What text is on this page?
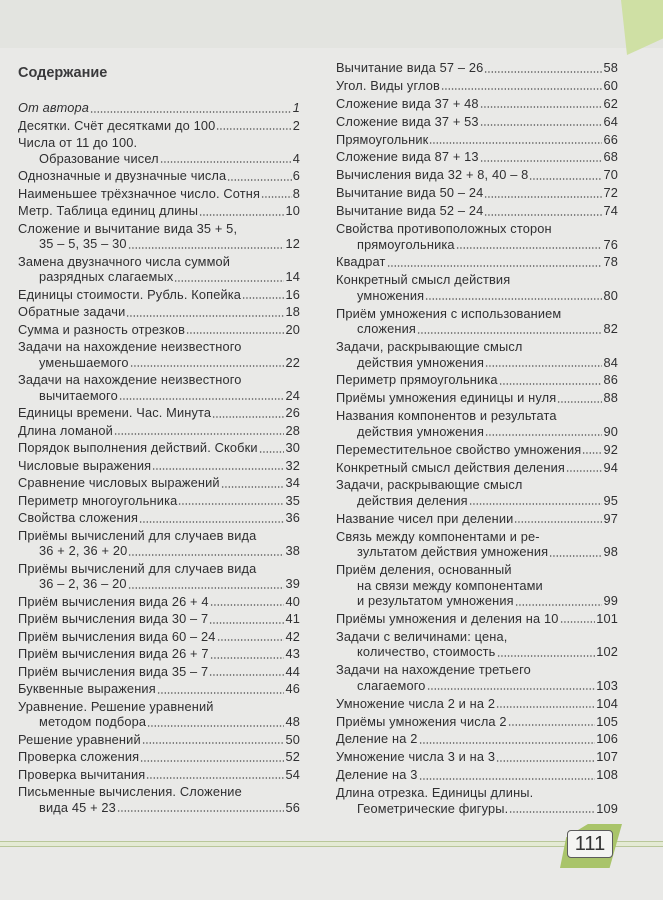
Содержание
От автора	1
Десятки. Счёт десятками до 100	2
Числа от 11 до 100.
Образование чисел	4
Однозначные и двузначные числа	6
Наименьшее трёхзначное число. Сотня	8
Метр. Таблица единиц длины	10
Сложение и вычитание вида 35 + 5,
35 – 5, 35 – 30	12
Замена двузначного числа суммой
разрядных слагаемых	14
Единицы стоимости. Рубль. Копейка	16
Обратные задачи	18
Сумма и разность отрезков	20
Задачи на нахождение неизвестного
уменьшаемого	22
Задачи на нахождение неизвестного
вычитаемого	24
Единицы времени. Час. Минута	26
Длина ломаной	28
Порядок выполнения действий. Скобки 30
Числовые выражения	32
Сравнение числовых выражений	34
Периметр многоугольника	35
Свойства сложения	36
Приёмы вычислений для случаев вида
36 + 2, 36 + 20	38
Приёмы вычислений для случаев вида
36 – 2, 36 – 20	39
Приём вычисления вида 26 + 4	40
Приём вычисления вида 30 – 7	41
Приём вычисления вида 60 – 24	42
Приём вычисления вида 26 + 7	43
Приём вычисления вида 35 – 7	44
Буквенные выражения	46
Уравнение. Решение уравнений
методом подбора	48
Решение уравнений	50
Проверка сложения	52
Проверка вычитания	54
Письменные вычисления. Сложение
вида 45 + 23	56
Вычитание вида 57 – 26	58
Угол. Виды углов	60
Сложение вида 37 + 48	62
Сложение вида 37 + 53	64
Прямоугольник	66
Сложение вида 87 + 13	68
Вычисления вида 32 + 8, 40 – 8	70
Вычитание вида 50 – 24	72
Вычитание вида 52 – 24	74
Свойства противоположных сторон
прямоугольника	76
Квадрат	78
Конкретный смысл действия
умножения	80
Приём умножения с использованием
сложения	82
Задачи, раскрывающие смысл
действия умножения	84
Периметр прямоугольника	86
Приёмы умножения единицы и нуля	88
Названия компонентов и результата
действия умножения	90
Переместительное свойство умножения 92
Конкретный смысл действия деления	94
Задачи, раскрывающие смысл
действия деления	95
Название чисел при делении	97
Связь между компонентами и ре-
зультатом действия умножения	98
Приём деления, основанный
на связи между компонентами
и результатом умножения	99
Приёмы умножения и деления на 10	101
Задачи с величинами: цена,
количество, стоимость	102
Задачи на нахождение третьего
слагаемого	103
Умножение числа 2 и на 2	104
Приёмы умножения числа 2	105
Деление на 2	106
Умножение числа 3 и на 3	107
Деление на 3	108
Длина отрезка. Единицы длины.
Геометрические фигуры.	109
111
